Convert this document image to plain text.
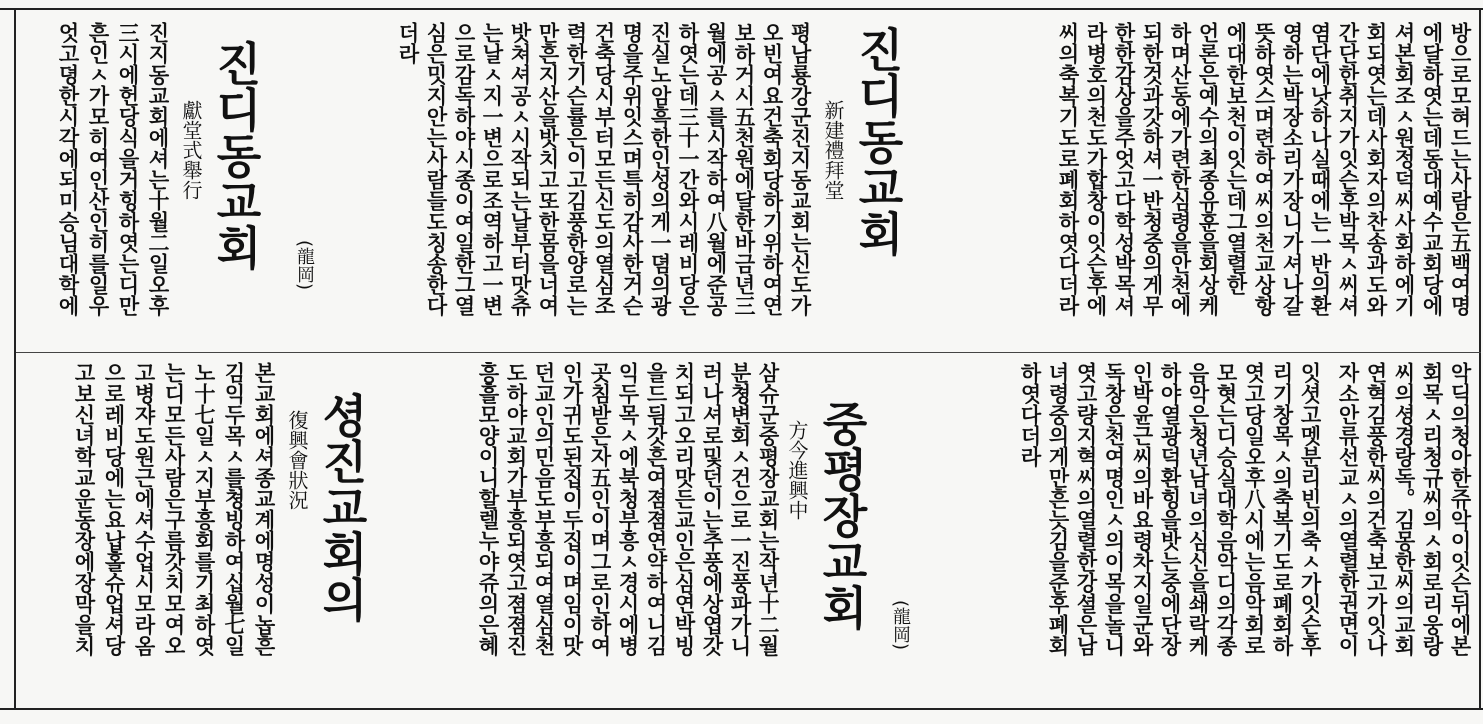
방으로모혀드는사람은五백여명
에달하엿는데동대예수교회당에
셔본회조ㅅ원정덕씨사회하에기
회되엿는데사회자의찬송과도와
간단한취지가잇슨후박목ㅅ씨셔
염단에낫하나실때에는一반의환
영하는박장소리가장니가셔나갈
뜻하엿스며련하여씨의천교상항
에대한보천이잇는데그열렬한
언론은예수의최종유훈을회상케
하며산동에가련한심령을안천에
되한것과갓하셔一반청중의게무
한한감상을주엇고다학성박목셔
라병호의천도가합창이잇슨후에
씨의축복기도로폐회하엿다더라
진디동교회
新建禮拜堂
평남룡강군진지동교회는신도가
오빈여요건축회당하기위하여연
보하거시五천원에달한바금년三
월에공ㅅ를시작하여八월에준공
하엿는데三十一간와시레비당은
진실노암흑한인성의게一뎜의광
명을주위잇스며특히감사한거슨
건축당시부터모든신도의열심조
력한기슨률은이고김풍한양로는
만흔지산을밧치고또한몸을너여
밧쳐셔공ㅅ시작되는날부터맛츄
는날ㅅ지一변으로조역하고一변
으로감독하야시종이여일한그열
심은밋지안는사람들도칭송한다
더라
(龍岡)
진디동교회
獻堂式舉行
진지동교회에셔는十월二일오후
三시에헌당식을거힝하엿는디만
흔인ㅅ가모히여인산인히를일우
엇고뎡한시각에되미승님대학에
악딕의청아한쥬악이잇슨뒤에본
회목ㅅ리청규씨의ㅅ회로리웅랑
씨의셩경랑독。김몽한씨의교회
연혁김풍한씨의건축보고가잇나
자소안류선교ㅅ의열렬한권면이
잇셧고멧분리빈의축ㅅ가잇슨후
리기창목ㅅ의축복기도로폐회하
엿고당일오후八시에는음악회로
모혓는디승실대학음악디의각종
음악은청년남녀의심신을쇄락케
하야열광덕환힝을밧는중에단장
인박윤근씨의바요령차지일군와
독창은천여명인ㅅ의이목을놀니
엿고량지혁씨의열렬한강셜은남
녀령중의게만흔늣김을준후폐회
하엿다더라
(龍岡)
중평장교회
方今進興中
삼슈군중평장교회는작년十二월
분쳥변회ㅅ건으로一진풍파가니
러나셔로및던이는추풍에상엽갓
치되고오리맛든교인은심연박빙
을드딈갓흔여졈졈연약하여니김
익두목ㅅ에북청부흥ㅅ경시에병
곳침받은자五인이며그로인하여
인가귀도된집이두집이며임이맛
던교인의민음도부흥되여열심천
도하야교회가부흥되엿고졈졈진
흥흘모양이니할렐누야쥬의은혜
셩진교회의
復興會狀況
본교회에셔종교계에명성이놉흔
김익두목ㅅ를쳥빙하여십월七일
노十七일ㅅ지부흥회를기최하엿
는디모든사람은구름갓치모여오
고병쟈도원근에셔수업시모라옴
으로레비당에는요납홀슈업셔당
고보신녀학교운동장에장막을치
